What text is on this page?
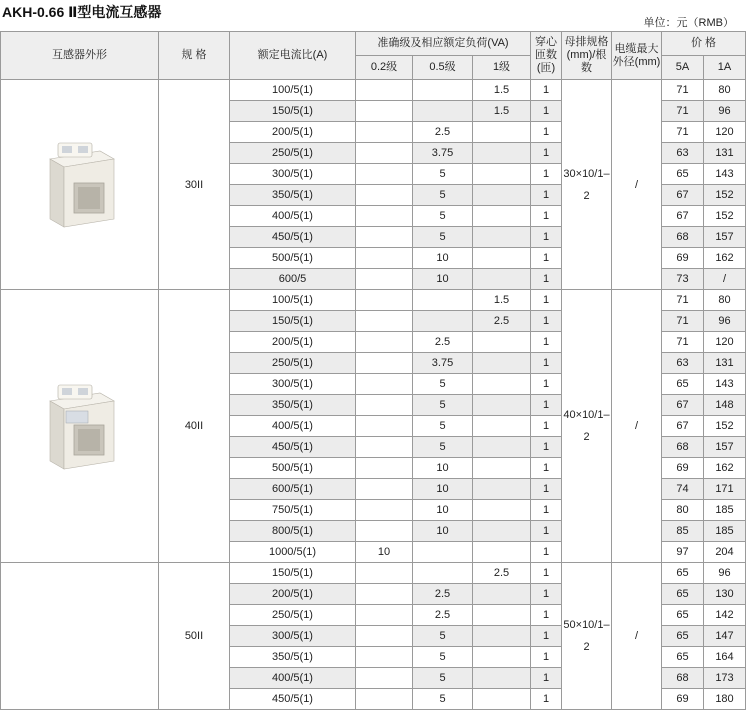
AKH-0.66 Ⅱ型电流互感器
单位：元（RMB）
互感器外形	规 格	额定电流比(A)	准确级及相应额定负荷(VA)			穿心匝数(匝)	母排规格(mm)/根数	电缆最大外径(mm)	价 格	
			0.2级	0.5级	1级				5A	1A

	30II	100/5(1)			1.5	1	30×10/1–2	/	71	80
		150/5(1)			1.5	1			71	96
		200/5(1)		2.5		1			71	120
		250/5(1)		3.75		1			63	131
		300/5(1)		5		1			65	143
		350/5(1)		5		1			67	152
		400/5(1)		5		1			67	152
		450/5(1)		5		1			68	157
		500/5(1)		10		1			69	162
		600/5		10		1			73	/

	40II	100/5(1)			1.5	1	40×10/1–2	/	71	80
		150/5(1)			2.5	1			71	96
		200/5(1)		2.5		1			71	120
		250/5(1)		3.75		1			63	131
		300/5(1)		5		1			65	143
		350/5(1)		5		1			67	148
		400/5(1)		5		1			67	152
		450/5(1)		5		1			68	157
		500/5(1)		10		1			69	162
		600/5(1)		10		1			74	171
		750/5(1)		10		1			80	185
		800/5(1)		10		1			85	185
		1000/5(1)	10			1			97	204
	50II	150/5(1)			2.5	1	50×10/1–2	/	65	96
		200/5(1)		2.5		1			65	130
		250/5(1)		2.5		1			65	142
		300/5(1)		5		1			65	147
		350/5(1)		5		1			65	164
		400/5(1)		5		1			68	173
		450/5(1)		5		1			69	180
